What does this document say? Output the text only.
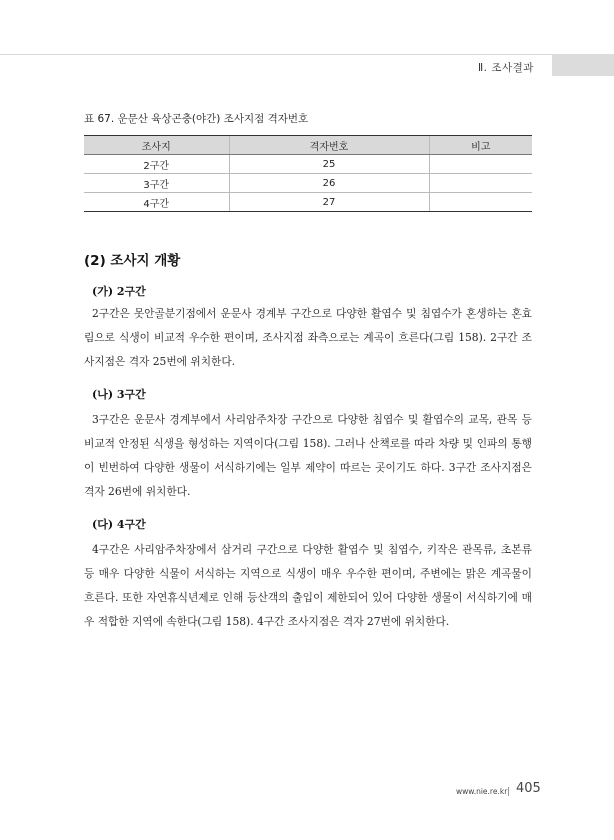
Ⅱ. 조사결과
표 67. 운문산 육상곤충(야간) 조사지점 격자번호
조사지	격자번호	비고
2구간	25	
3구간	26	
4구간	27	
(2) 조사지 개황
(가) 2구간
2구간은 못안골분기점에서 운문사 경계부 구간으로 다양한 활엽수 및 침엽수가 혼생하는 혼효림으로 식생이 비교적 우수한 편이며, 조사지점 좌측으로는 계곡이 흐른다(그림 158). 2구간 조사지점은 격자 25번에 위치한다.
(나) 3구간
3구간은 운문사 경계부에서 사리암주차장 구간으로 다양한 침엽수 및 활엽수의 교목, 관목 등 비교적 안정된 식생을 형성하는 지역이다(그림 158). 그러나 산책로를 따라 차량 및 인파의 통행이 빈번하여 다양한 생물이 서식하기에는 일부 제약이 따르는 곳이기도 하다. 3구간 조사지점은 격자 26번에 위치한다.
(다) 4구간
4구간은 사리암주차장에서 삼거리 구간으로 다양한 활엽수 및 침엽수, 키작은 관목류, 초본류 등 매우 다양한 식물이 서식하는 지역으로 식생이 매우 우수한 편이며, 주변에는 맑은 계곡물이 흐른다. 또한 자연휴식년제로 인해 등산객의 출입이 제한되어 있어 다양한 생물이 서식하기에 매우 적합한 지역에 속한다(그림 158). 4구간 조사지점은 격자 27번에 위치한다.
www.nie.re.kr 405
